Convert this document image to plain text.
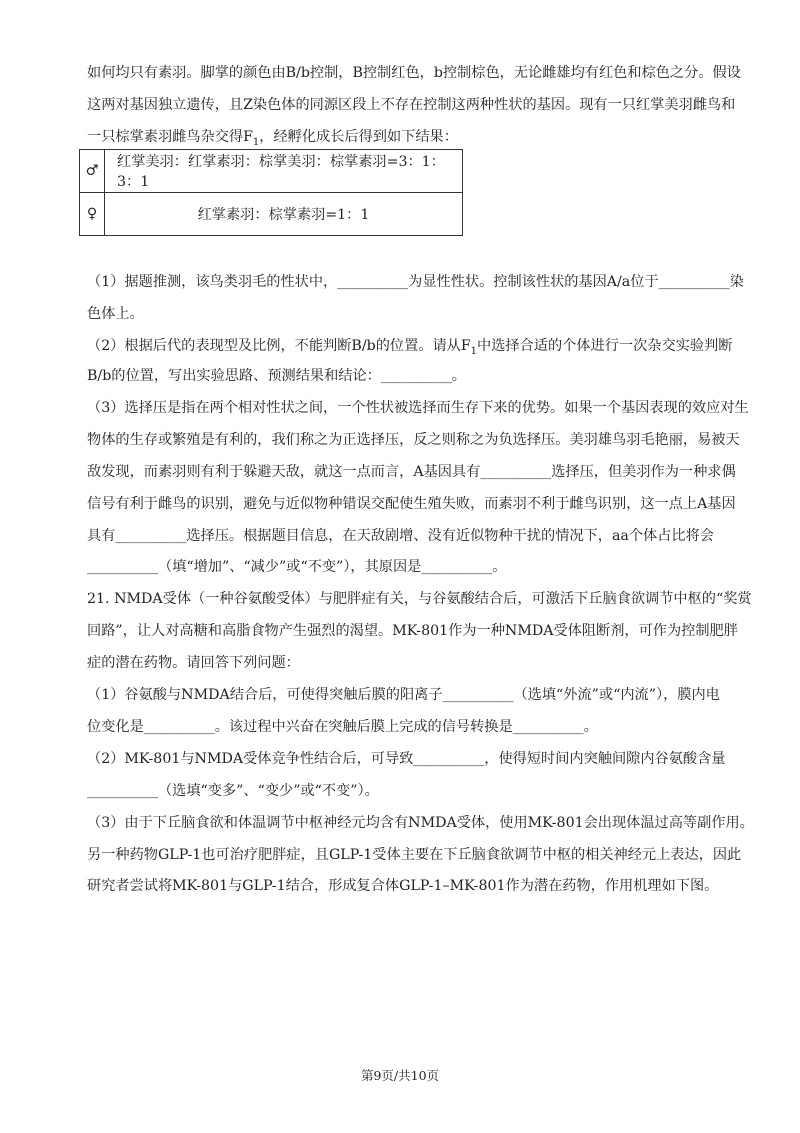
如何均只有素羽。脚掌的颜色由B/b控制，B控制红色，b控制棕色，无论雌雄均有红色和棕色之分。假设
这两对基因独立遗传，且Z染色体的同源区段上不存在控制这两种性状的基因。现有一只红掌美羽雌鸟和
一只棕掌素羽雌鸟杂交得$F_1$，经孵化成长后得到如下结果：
♂	红掌美羽：红掌素羽：棕掌美羽：棕掌素羽=3：1：3：1
♀	红掌素羽：棕掌素羽=1：1
（1）据题推测，该鸟类羽毛的性状中，__________为显性性状。控制该性状的基因A/a位于__________染
色体上。
（2）根据后代的表现型及比例，不能判断B/b的位置。请从$F_1$中选择合适的个体进行一次杂交实验判断
B/b的位置，写出实验思路、预测结果和结论：__________。
（3）选择压是指在两个相对性状之间，一个性状被选择而生存下来的优势。如果一个基因表现的效应对生
物体的生存或繁殖是有利的，我们称之为正选择压，反之则称之为负选择压。美羽雄鸟羽毛艳丽，易被天
敌发现，而素羽则有利于躲避天敌，就这一点而言，A基因具有__________选择压，但美羽作为一种求偶
信号有利于雌鸟的识别，避免与近似物种错误交配使生殖失败，而素羽不利于雌鸟识别，这一点上A基因
具有__________选择压。根据题目信息，在天敌剧增、没有近似物种干扰的情况下，aa个体占比将会
__________（填“增加”、“减少”或“不变”），其原因是__________。
21. NMDA受体（一种谷氨酸受体）与肥胖症有关，与谷氨酸结合后，可激活下丘脑食欲调节中枢的“奖赏
回路”，让人对高糖和高脂食物产生强烈的渴望。MK-801作为一种NMDA受体阻断剂，可作为控制肥胖
症的潜在药物。请回答下列问题：
（1）谷氨酸与NMDA结合后，可使得突触后膜的阳离子__________（选填“外流”或“内流”），膜内电
位变化是__________。该过程中兴奋在突触后膜上完成的信号转换是__________。
（2）MK-801与NMDA受体竞争性结合后，可导致__________，使得短时间内突触间隙内谷氨酸含量
__________（选填“变多”、“变少”或“不变”）。
（3）由于下丘脑食欲和体温调节中枢神经元均含有NMDA受体，使用MK-801会出现体温过高等副作用。
另一种药物GLP-1也可治疗肥胖症，且GLP-1受体主要在下丘脑食欲调节中枢的相关神经元上表达，因此
研究者尝试将MK-801与GLP-1结合，形成复合体GLP-1–MK-801作为潜在药物，作用机理如下图。
第9页/共10页
